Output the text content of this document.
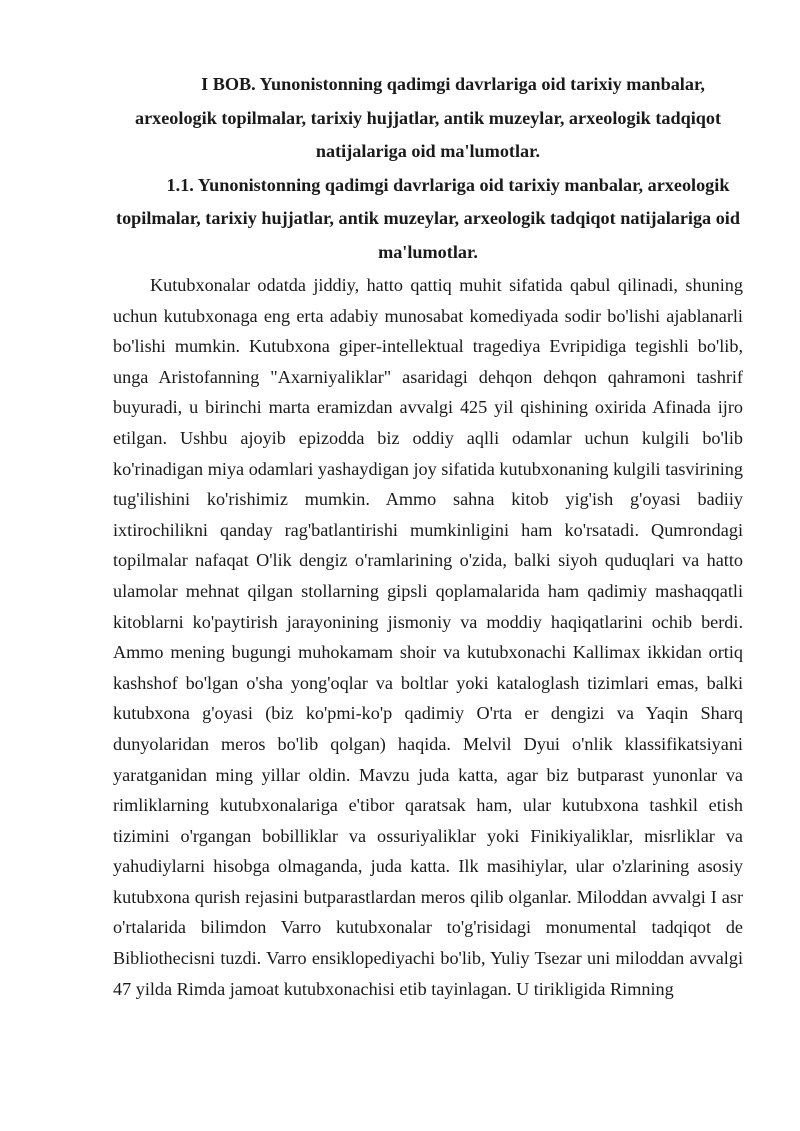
I BOB. Yunonistonning qadimgi davrlariga oid tarixiy manbalar, arxeologik topilmalar, tarixiy hujjatlar, antik muzeylar, arxeologik tadqiqot natijalariga oid ma'lumotlar.
1.1. Yunonistonning qadimgi davrlariga oid tarixiy manbalar, arxeologik topilmalar, tarixiy hujjatlar, antik muzeylar, arxeologik tadqiqot natijalariga oid ma'lumotlar.

Kutubxonalar odatda jiddiy, hatto qattiq muhit sifatida qabul qilinadi, shuning uchun kutubxonaga eng erta adabiy munosabat komediyada sodir bo'lishi ajablanarli bo'lishi mumkin. Kutubxona giper-intellektual tragediya Evripidiga tegishli bo'lib, unga Aristofanning "Axarniyaliklar" asaridagi dehqon dehqon qahramoni tashrif buyuradi, u birinchi marta eramizdan avvalgi 425 yil qishining oxirida Afinada ijro etilgan. Ushbu ajoyib epizodda biz oddiy aqlli odamlar uchun kulgili bo'lib ko'rinadigan miya odamlari yashaydigan joy sifatida kutubxonaning kulgili tasvirining tug'ilishini ko'rishimiz mumkin. Ammo sahna kitob yig'ish g'oyasi badiiy ixtirochilikni qanday rag'batlantirishi mumkinligini ham ko'rsatadi. Qumrondagi topilmalar nafaqat O'lik dengiz o'ramlarining o'zida, balki siyoh quduqlari va hatto ulamolar mehnat qilgan stollarning gipsli qoplamalarida ham qadimiy mashaqqatli kitoblarni ko'paytirish jarayonining jismoniy va moddiy haqiqatlarini ochib berdi. Ammo mening bugungi muhokamam shoir va kutubxonachi Kallimax ikkidan ortiq kashshof bo'lgan o'sha yong'oqlar va boltlar yoki kataloglash tizimlari emas, balki kutubxona g'oyasi (biz ko'pmi-ko'p qadimiy O'rta er dengizi va Yaqin Sharq dunyolaridan meros bo'lib qolgan) haqida. Melvil Dyui o'nlik klassifikatsiyani yaratganidan ming yillar oldin. Mavzu juda katta, agar biz butparast yunonlar va rimliklarning kutubxonalariga e'tibor qaratsak ham, ular kutubxona tashkil etish tizimini o'rgangan bobilliklar va ossuriyaliklar yoki Finikiyaliklar, misrliklar va yahudiylarni hisobga olmaganda, juda katta. Ilk masihiylar, ular o'zlarining asosiy kutubxona qurish rejasini butparastlardan meros qilib olganlar. Miloddan avvalgi I asr o'rtalarida bilimdon Varro kutubxonalar to'g'risidagi monumental tadqiqot de Bibliothecisni tuzdi. Varro ensiklopediyachi bo'lib, Yuliy Tsezar uni miloddan avvalgi 47 yilda Rimda jamoat kutubxonachisi etib tayinlagan. U tirikligida Rimning
